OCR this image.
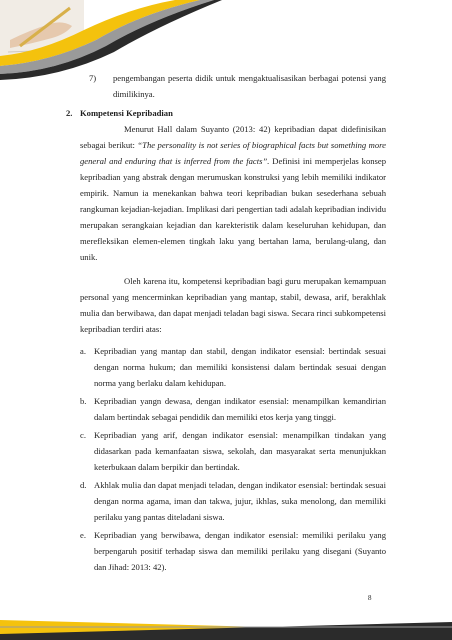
7)	pengembangan peserta didik untuk mengaktualisasikan berbagai potensi yang dimilikinya.
2. Kompetensi Kepribadian

Menurut Hall dalam Suyanto (2013: 42) kepribadian dapat didefinisikan sebagai berikut: “The personality is not series of biographical facts but something more general and enduring that is inferred from the facts”. Definisi ini memperjelas konsep kepribadian yang abstrak dengan merumuskan konstruksi yang lebih memiliki indikator empirik. Namun ia menekankan bahwa teori kepribadian bukan sesederhana sebuah rangkuman kejadian-kejadian. Implikasi dari pengertian tadi adalah kepribadian individu merupakan serangkaian kejadian dan karekteristik dalam keseluruhan kehidupan, dan merefleksikan elemen-elemen tingkah laku yang bertahan lama, berulang-ulang, dan unik.

Oleh karena itu, kompetensi kepribadian bagi guru merupakan kemampuan personal yang mencerminkan kepribadian yang mantap, stabil, dewasa, arif, berakhlak mulia dan berwibawa, dan dapat menjadi teladan bagi siswa. Secara rinci subkompetensi kepribadian terdiri atas:

a. Kepribadian yang mantap dan stabil, dengan indikator esensial: bertindak sesuai dengan norma hukum; dan memiliki konsistensi dalam bertindak sesuai dengan norma yang berlaku dalam kehidupan.
b. Kepribadian yangn dewasa, dengan indikator esensial: menampilkan kemandirian dalam bertindak sebagai pendidik dan memiliki etos kerja yang tinggi.
c. Kepribadian yang arif, dengan indikator esensial: menampilkan tindakan yang didasarkan pada kemanfaatan siswa, sekolah, dan masyarakat serta menunjukkan keterbukaan dalam berpikir dan bertindak.
d. Akhlak mulia dan dapat menjadi teladan, dengan indikator esensial: bertindak sesuai dengan norma agama, iman dan takwa, jujur, ikhlas, suka menolong, dan memiliki perilaku yang pantas diteladani siswa.
e. Kepribadian yang berwibawa, dengan indikator esensial: memiliki perilaku yang berpengaruh positif terhadap siswa dan memiliki perilaku yang disegani (Suyanto dan Jihad: 2013: 42).
8
